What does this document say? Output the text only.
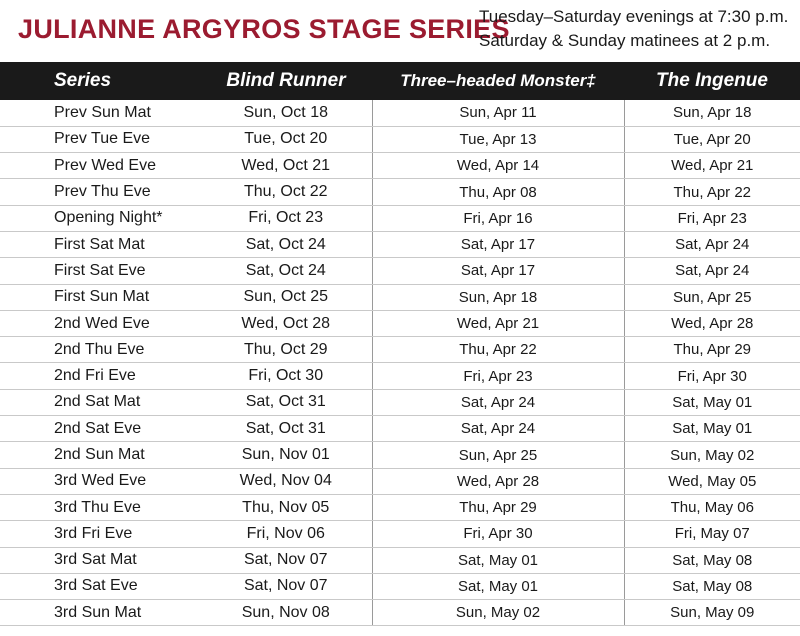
JULIANNE ARGYROS STAGE SERIES
Tuesday–Saturday evenings at 7:30 p.m.
Saturday & Sunday matinees at 2 p.m.
Series	Blind Runner	Three–headed Monster‡	The Ingenue
Prev Sun Mat	Sun, Oct 18	Sun, Apr 11	Sun, Apr 18
Prev Tue Eve	Tue, Oct 20	Tue, Apr 13	Tue, Apr 20
Prev Wed Eve	Wed, Oct 21	Wed, Apr 14	Wed, Apr 21
Prev Thu Eve	Thu, Oct 22	Thu, Apr 08	Thu, Apr 22
Opening Night*	Fri, Oct 23	Fri, Apr 16	Fri, Apr 23
First Sat Mat	Sat, Oct 24	Sat, Apr 17	Sat, Apr 24
First Sat Eve	Sat, Oct 24	Sat, Apr 17	Sat, Apr 24
First Sun Mat	Sun, Oct 25	Sun, Apr 18	Sun, Apr 25
2nd Wed Eve	Wed, Oct 28	Wed, Apr 21	Wed, Apr 28
2nd Thu Eve	Thu, Oct 29	Thu, Apr 22	Thu, Apr 29
2nd Fri Eve	Fri, Oct 30	Fri, Apr 23	Fri, Apr 30
2nd Sat Mat	Sat, Oct 31	Sat, Apr 24	Sat, May 01
2nd Sat Eve	Sat, Oct 31	Sat, Apr 24	Sat, May 01
2nd Sun Mat	Sun, Nov 01	Sun, Apr 25	Sun, May 02
3rd Wed Eve	Wed, Nov 04	Wed, Apr 28	Wed, May 05
3rd Thu Eve	Thu, Nov 05	Thu, Apr 29	Thu, May 06
3rd Fri Eve	Fri, Nov 06	Fri, Apr 30	Fri, May 07
3rd Sat Mat	Sat, Nov 07	Sat, May 01	Sat, May 08
3rd Sat Eve	Sat, Nov 07	Sat, May 01	Sat, May 08
3rd Sun Mat	Sun, Nov 08	Sun, May 02	Sun, May 09
